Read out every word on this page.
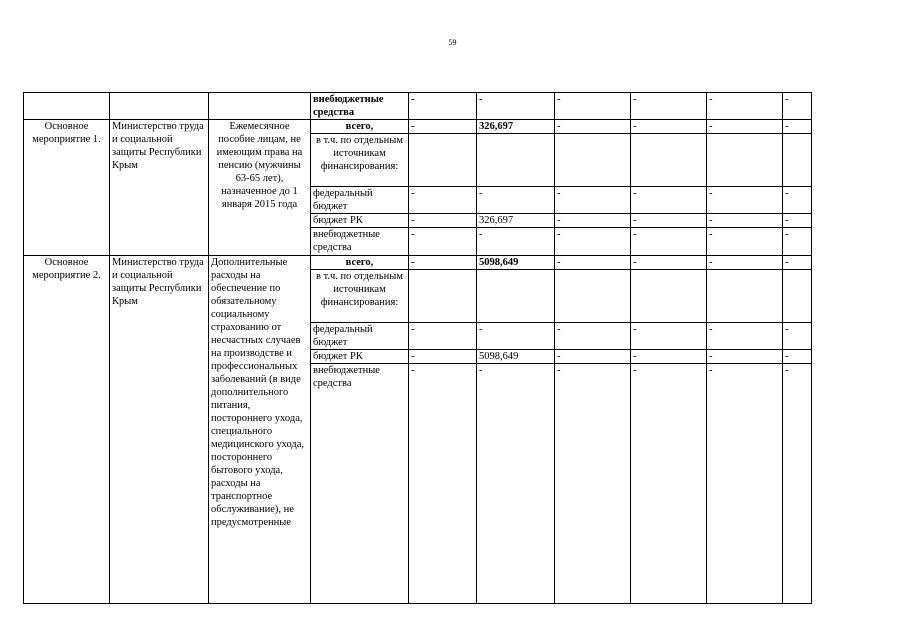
59
			внебюджетные средства	-	-	-	-	-	-
Основное мероприятие 1.	Министерство труда и социальной защиты Республики Крым	Ежемесячное пособие лицам, не имеющим права на пенсию (мужчины 63-65 лет), назначенное до 1 января 2015 года	всего,	-	326,697	-	-	-	-
			в т.ч. по отдельным источникам финансирования:						
			федеральный бюджет	-	-	-	-	-	-
			бюджет РК	-	326,697	-	-	-	-
			внебюджетные средства	-	-	-	-	-	-
Основное мероприятие 2.	Министерство труда и социальной защиты Республики Крым	Дополнительные расходы на обеспечение по обязательному социальному страхованию от несчастных случаев на производстве и профессиональных заболеваний (в виде дополнительного питания, постороннего ухода, специального медицинского ухода, постороннего бытового ухода, расходы на транспортное обслуживание), не предусмотренные	всего,	-	5098,649	-	-	-	-
			в т.ч. по отдельным источникам финансирования:						
			федеральный бюджет	-	-	-	-	-	-
			бюджет РК	-	5098,649	-	-	-	-
			внебюджетные средства	-	-	-	-	-	-
